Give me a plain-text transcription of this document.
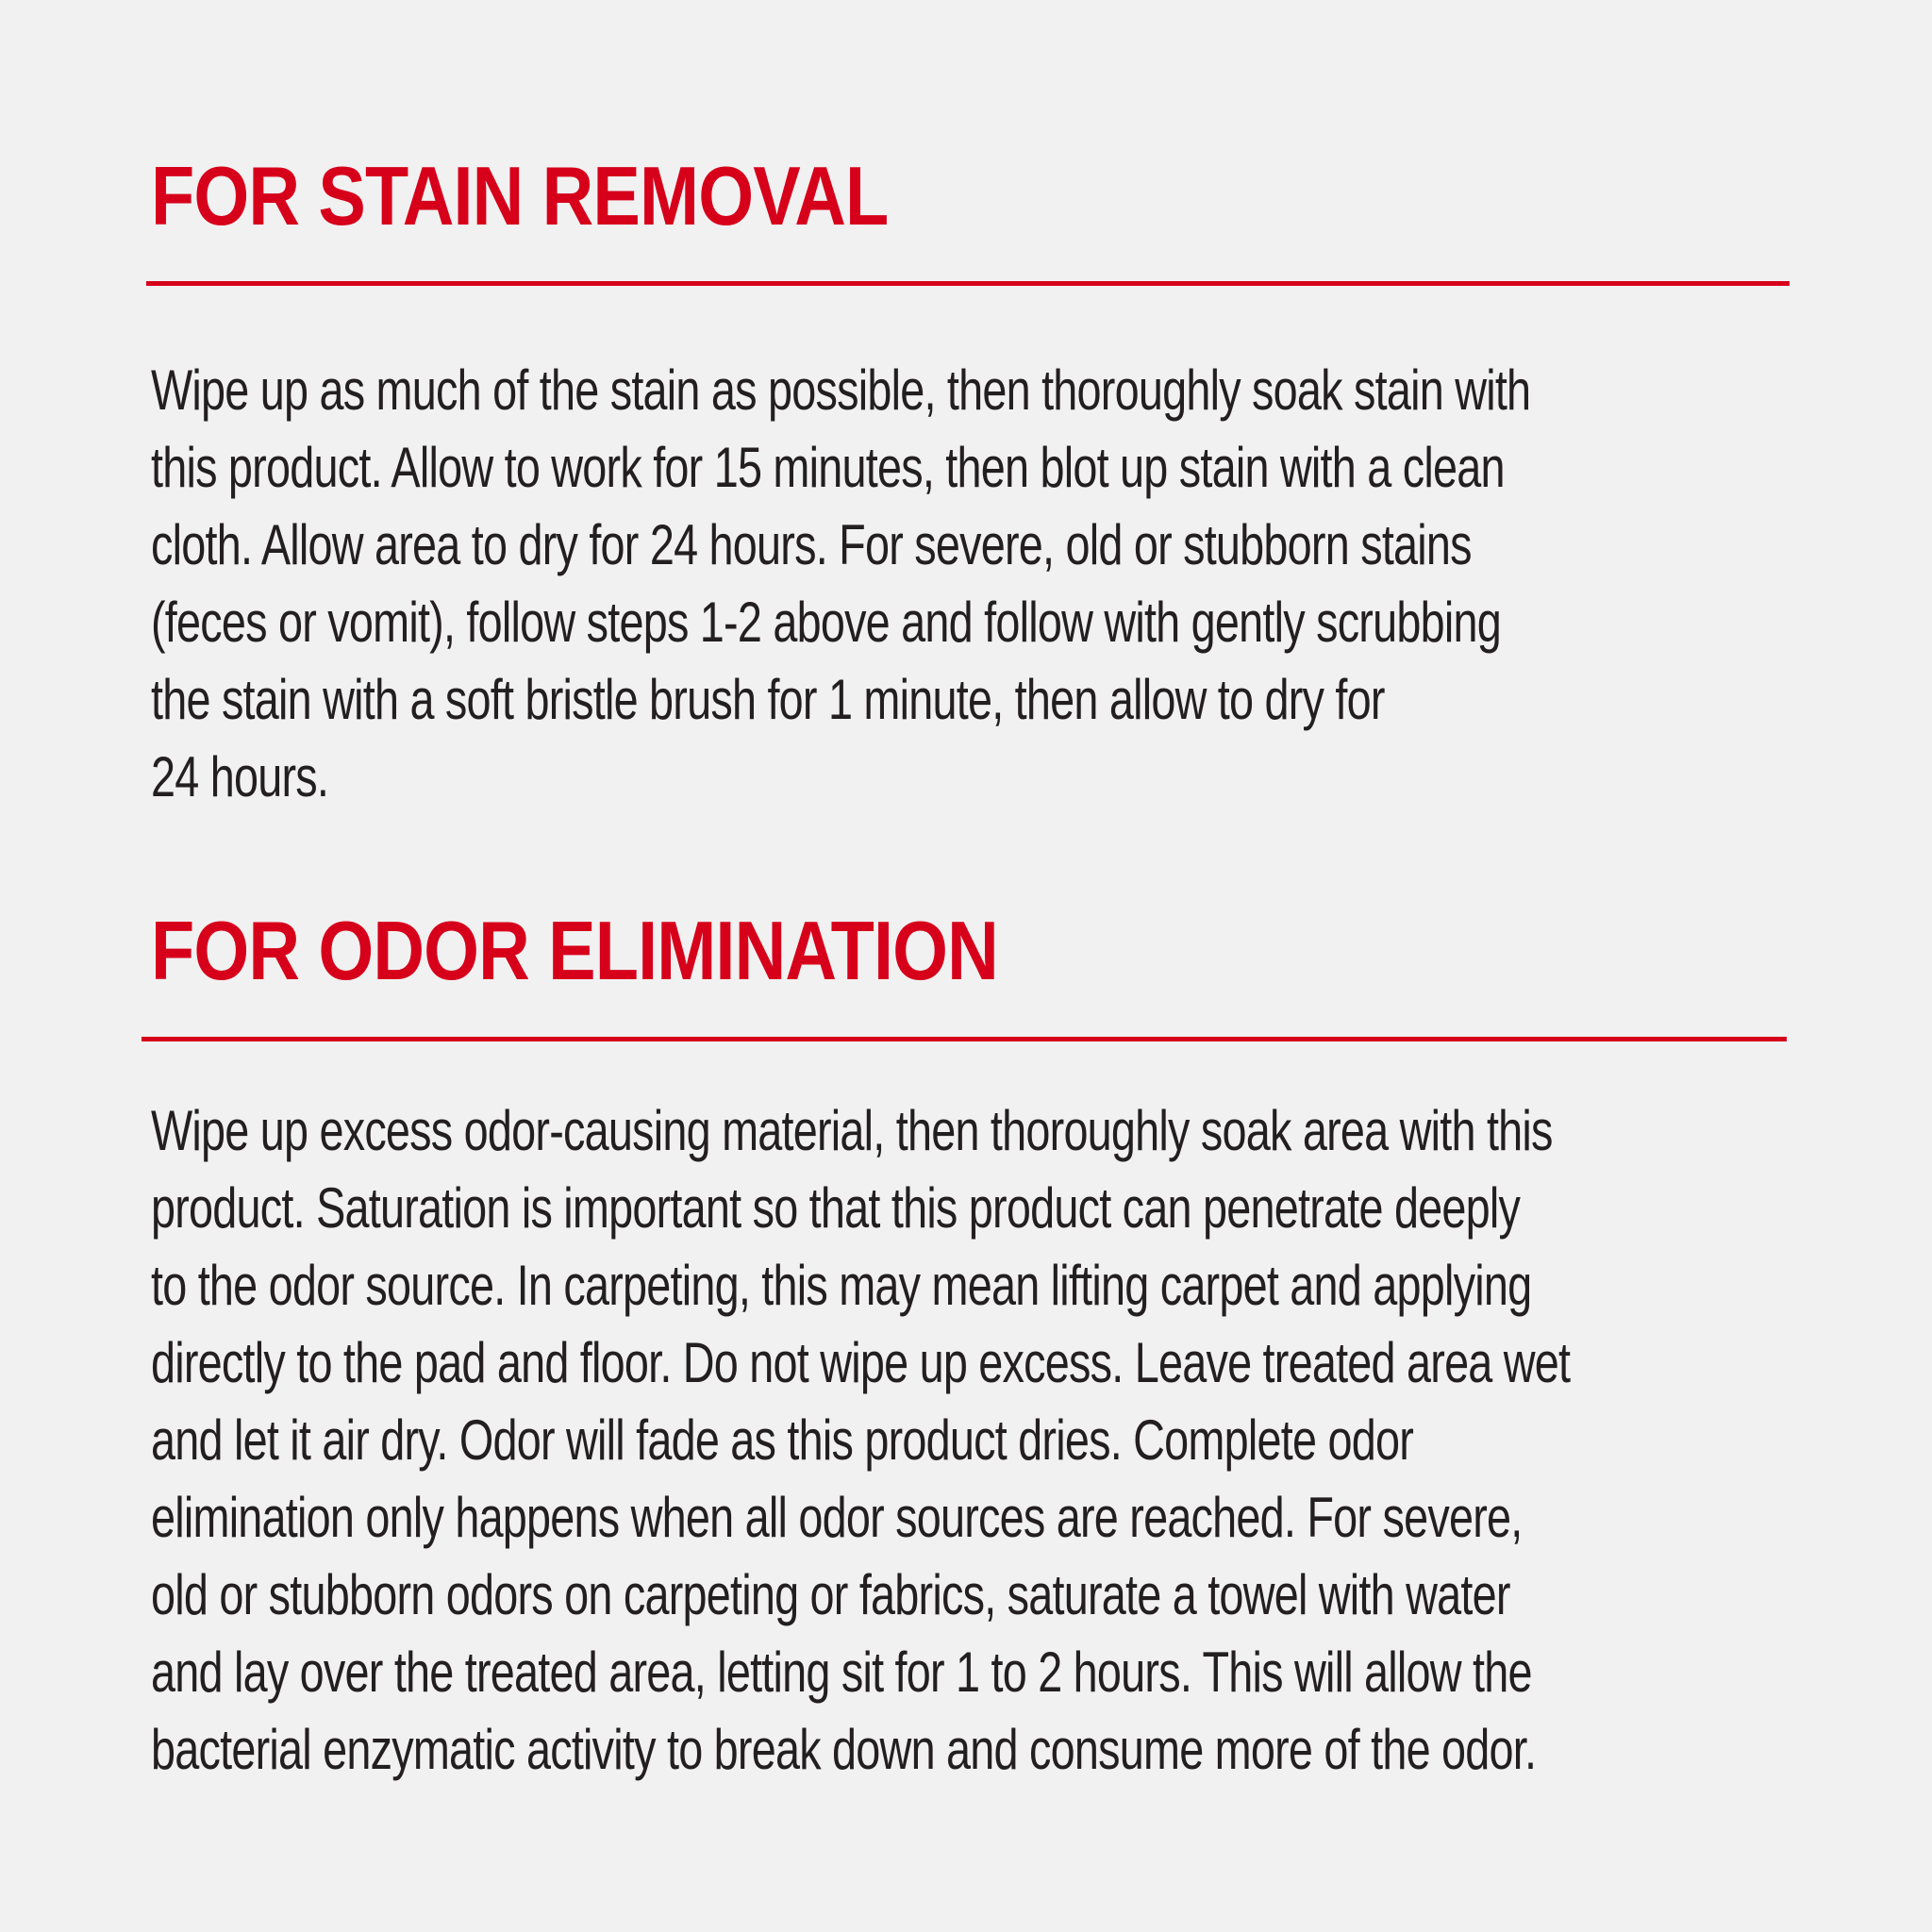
FOR STAIN REMOVAL

Wipe up as much of the stain as possible, then thoroughly soak stain with
this product. Allow to work for 15 minutes, then blot up stain with a clean
cloth. Allow area to dry for 24 hours. For severe, old or stubborn stains
(feces or vomit), follow steps 1-2 above and follow with gently scrubbing
the stain with a soft bristle brush for 1 minute, then allow to dry for
24 hours.

FOR ODOR ELIMINATION

Wipe up excess odor-causing material, then thoroughly soak area with this
product. Saturation is important so that this product can penetrate deeply
to the odor source. In carpeting, this may mean lifting carpet and applying
directly to the pad and floor. Do not wipe up excess. Leave treated area wet
and let it air dry. Odor will fade as this product dries. Complete odor
elimination only happens when all odor sources are reached. For severe,
old or stubborn odors on carpeting or fabrics, saturate a towel with water
and lay over the treated area, letting sit for 1 to 2 hours. This will allow the
bacterial enzymatic activity to break down and consume more of the odor.
